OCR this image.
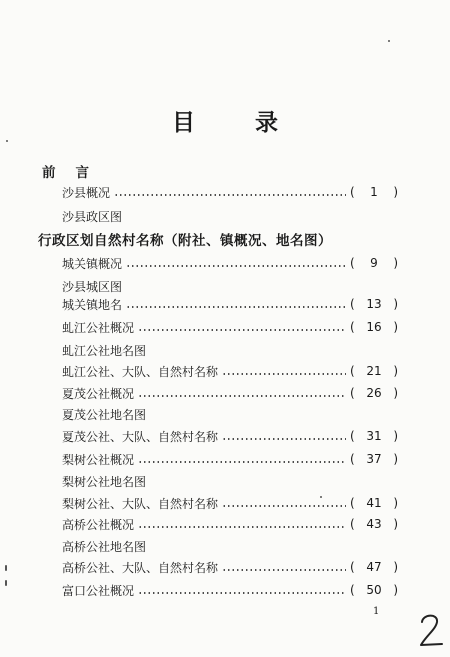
目 录
前言
行政区划自然村名称（附社、镇概况、地名图）
沙县概况	(	1	)
沙县政区图
城关镇概况	(	9	)
沙县城区图
城关镇地名	( 13 )
虬江公社概况	( 16 )
虬江公社地名图
虬江公社、大队、自然村名称	( 21 )
夏茂公社概况	( 26 )
夏茂公社地名图
夏茂公社、大队、自然村名称	( 31 )
梨树公社概况	( 37 )
梨树公社地名图
梨树公社、大队、自然村名称	( 41 )
高桥公社概况	( 43 )
高桥公社地名图
高桥公社、大队、自然村名称	( 47 )
富口公社概况	( 50 )
1
